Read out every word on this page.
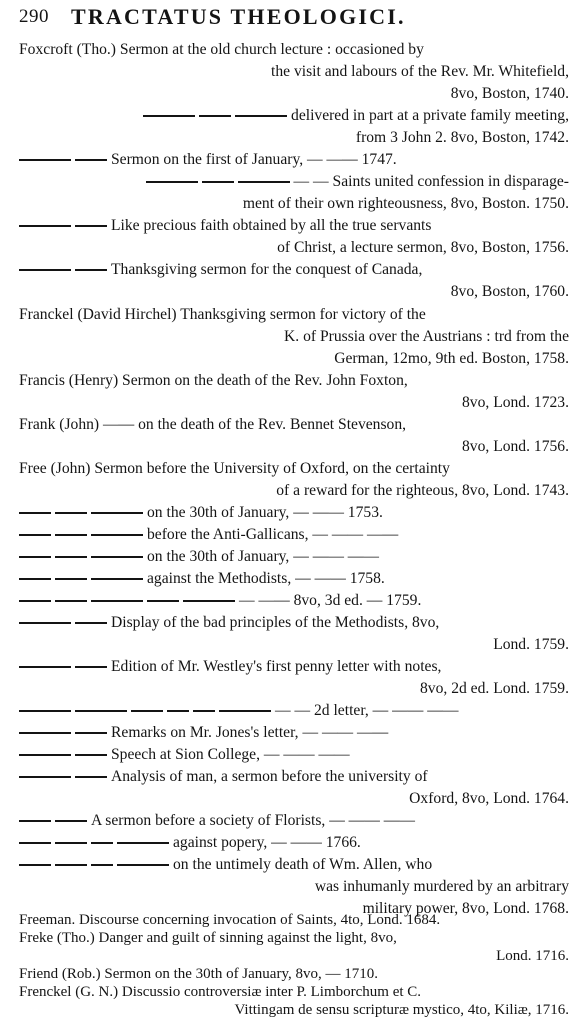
290 TRACTATUS THEOLOGICI.
Foxcroft (Tho.) Sermon at the old church lecture : occasioned by
the visit and labours of the Rev. Mr. Whitefield,
8vo, Boston, 1740.
delivered in part at a private family meeting,
from 3 John 2. 8vo, Boston, 1742.
Sermon on the first of January, — —— 1747.
— — Saints united confession in disparage-
ment of their own righteousness, 8vo, Boston. 1750.
Like precious faith obtained by all the true servants
of Christ, a lecture sermon, 8vo, Boston, 1756.
Thanksgiving sermon for the conquest of Canada,
8vo, Boston, 1760.
Franckel (David Hirchel) Thanksgiving sermon for victory of the
K. of Prussia over the Austrians : trd from the
German, 12mo, 9th ed. Boston, 1758.
Francis (Henry) Sermon on the death of the Rev. John Foxton,
8vo, Lond. 1723.
Frank (John) —— on the death of the Rev. Bennet Stevenson,
8vo, Lond. 1756.
Free (John) Sermon before the University of Oxford, on the certainty
of a reward for the righteous, 8vo, Lond. 1743.
on the 30th of January, — —— 1753.
before the Anti-Gallicans, — —— ——
on the 30th of January, — —— ——
against the Methodists, — —— 1758.
— —— 8vo, 3d ed. — 1759.
Display of the bad principles of the Methodists, 8vo,
Lond. 1759.
Edition of Mr. Westley's first penny letter with notes,
8vo, 2d ed. Lond. 1759.
— — 2d letter, — —— ——
Remarks on Mr. Jones's letter, — —— ——
Speech at Sion College, — —— ——
Analysis of man, a sermon before the university of
Oxford, 8vo, Lond. 1764.
A sermon before a society of Florists, — —— ——
against popery, — —— 1766.
on the untimely death of Wm. Allen, who
was inhumanly murdered by an arbitrary
military power, 8vo, Lond. 1768.
Freeman. Discourse concerning invocation of Saints, 4to, Lond. 1684.
Freke (Tho.) Danger and guilt of sinning against the light, 8vo,
Lond. 1716.
Friend (Rob.) Sermon on the 30th of January, 8vo, — 1710.
Frenckel (G. N.) Discussio controversiæ inter P. Limborchum et C.
Vittingam de sensu scripturæ mystico, 4to, Kiliæ, 1716.
